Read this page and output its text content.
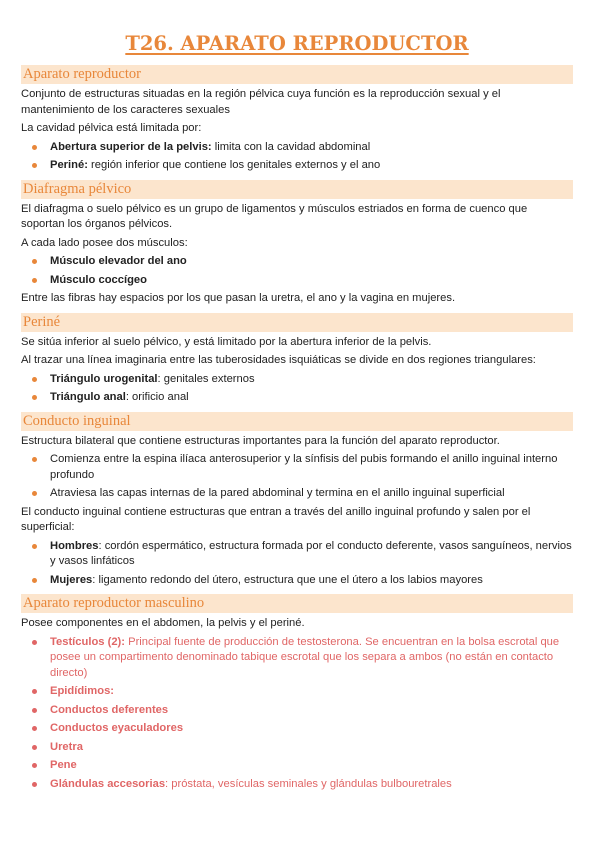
T26. APARATO REPRODUCTOR
Aparato reproductor

Conjunto de estructuras situadas en la región pélvica cuya función es la reproducción sexual y el mantenimiento de los caracteres sexuales

La cavidad pélvica está limitada por:

Abertura superior de la pelvis: limita con la cavidad abdominal
Periné: región inferior que contiene los genitales externos y el ano
Diafragma pélvico

El diafragma o suelo pélvico es un grupo de ligamentos y músculos estriados en forma de cuenco que soportan los órganos pélvicos.

A cada lado posee dos músculos:

Músculo elevador del ano
Músculo coccígeo

Entre las fibras hay espacios por los que pasan la uretra, el ano y la vagina en mujeres.

Periné

Se sitúa inferior al suelo pélvico, y está limitado por la abertura inferior de la pelvis.

Al trazar una línea imaginaria entre las tuberosidades isquiáticas se divide en dos regiones triangulares:

Triángulo urogenital: genitales externos
Triángulo anal: orificio anal
Conducto inguinal

Estructura bilateral que contiene estructuras importantes para la función del aparato reproductor.

Comienza entre la espina ilíaca anterosuperior y la sínfisis del pubis formando el anillo inguinal interno profundo
Atraviesa las capas internas de la pared abdominal y termina en el anillo inguinal superficial

El conducto inguinal contiene estructuras que entran a través del anillo inguinal profundo y salen por el superficial:

Hombres: cordón espermático, estructura formada por el conducto deferente, vasos sanguíneos, nervios y vasos linfáticos
Mujeres: ligamento redondo del útero, estructura que une el útero a los labios mayores
Aparato reproductor masculino

Posee componentes en el abdomen, la pelvis y el periné.

Testículos (2): Principal fuente de producción de testosterona. Se encuentran en la bolsa escrotal que posee un compartimento denominado tabique escrotal que los separa a ambos (no están en contacto directo)
Epidídimos:
Conductos deferentes
Conductos eyaculadores
Uretra
Pene
Glándulas accesorias: próstata, vesículas seminales y glándulas bulbouretrales
